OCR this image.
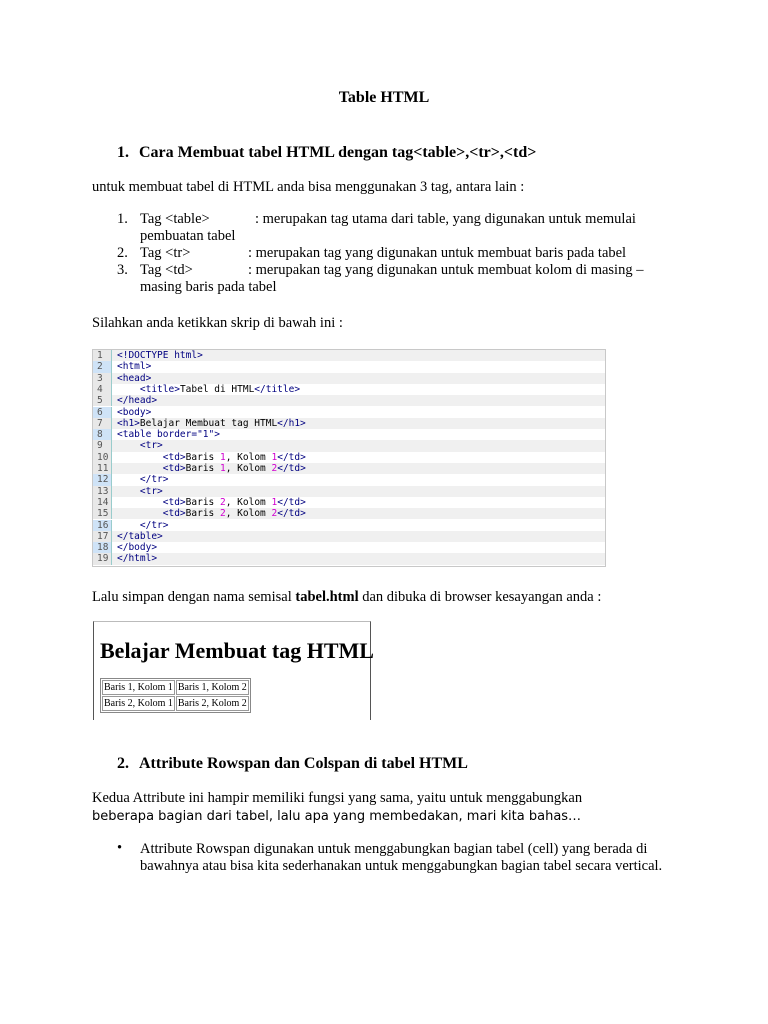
Table HTML
1. Cara Membuat tabel HTML dengan tag<table>,<tr>,<td>
untuk membuat tabel di HTML anda bisa menggunakan 3 tag, antara lain :
1. Tag <table>	: merupakan tag utama dari table, yang digunakan untuk memulai
pembuatan tabel
2. Tag <tr>	: merupakan tag yang digunakan untuk membuat baris pada tabel
3. Tag <td>	: merupakan tag yang digunakan untuk membuat kolom di masing –
masing baris pada tabel
Silahkan anda ketikkan skrip di bawah ini :
1	<!DOCTYPE html>
2	<html>
3	<head>
4	<title>Tabel di HTML</title>
5	</head>
6	<body>
7	<h1>Belajar Membuat tag HTML</h1>
8	<table border="1">
9	<tr>
10	<td>Baris 1, Kolom 1</td>
11	<td>Baris 1, Kolom 2</td>
12	</tr>
13	<tr>
14	<td>Baris 2, Kolom 1</td>
15	<td>Baris 2, Kolom 2</td>
16	</tr>
17 </table>
18 </body>
19 </html>
Lalu simpan dengan nama semisal tabel.html dan dibuka di browser kesayangan anda :
Belajar Membuat tag HTML
Baris 1, Kolom 1	Baris 1, Kolom 2
Baris 2, Kolom 1	Baris 2, Kolom 2
2. Attribute Rowspan dan Colspan di tabel HTML
Kedua Attribute ini hampir memiliki fungsi yang sama, yaitu untuk menggabungkan
beberapa bagian dari tabel, lalu apa yang membedakan, mari kita bahas…
• Attribute Rowspan digunakan untuk menggabungkan bagian tabel (cell) yang berada di bawahnya atau bisa kita sederhanakan untuk menggabungkan bagian tabel secara vertical.
